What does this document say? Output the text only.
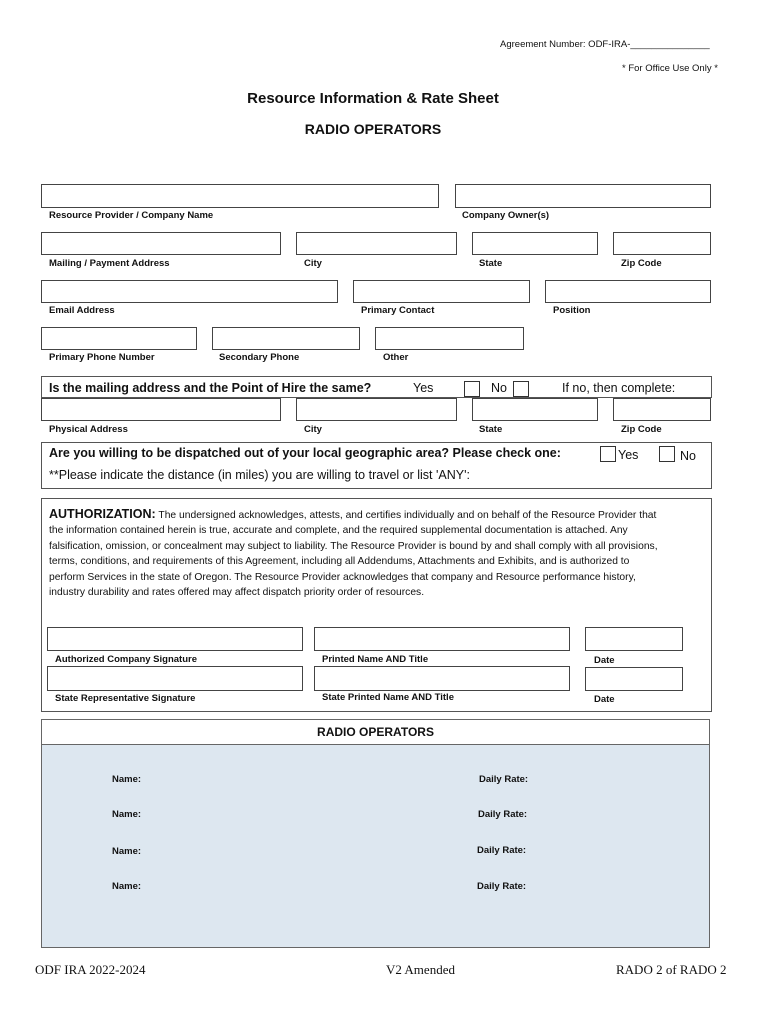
Agreement Number: ODF-IRA-_______________
* For Office Use Only *
Resource Information & Rate Sheet
RADIO OPERATORS
Resource Provider / Company Name	Company Owner(s)
Mailing / Payment Address	City	State	Zip Code
Email Address	Primary Contact	Position
Primary Phone Number	Secondary Phone	Other
Is the mailing address and the Point of Hire the same?	Yes	No	If no, then complete:
Physical Address	City	State	Zip Code
Are you willing to be dispatched out of your local geographic area? Please check one:	Yes	No
**Please indicate the distance (in miles) you are willing to travel or list 'ANY':
AUTHORIZATION: The undersigned acknowledges, attests, and certifies individually and on behalf of the Resource Provider that the information contained herein is true, accurate and complete, and the required supplemental documentation is attached. Any falsification, omission, or concealment may subject to liability. The Resource Provider is bound by and shall comply with all provisions, terms, conditions, and requirements of this Agreement, including all Addendums, Attachments and Exhibits, and is authorized to perform Services in the state of Oregon. The Resource Provider acknowledges that company and Resource performance history, industry durability and rates offered may affect dispatch priority order of resources.
Authorized Company Signature	Printed Name AND Title	Date
State Representative Signature	State Printed Name AND Title	Date
RADIO OPERATORS
Name:	Daily Rate:
Name:	Daily Rate:
Name:	Daily Rate:
Name:	Daily Rate:
ODF IRA 2022-2024	V2 Amended	RADO 2 of RADO 2
